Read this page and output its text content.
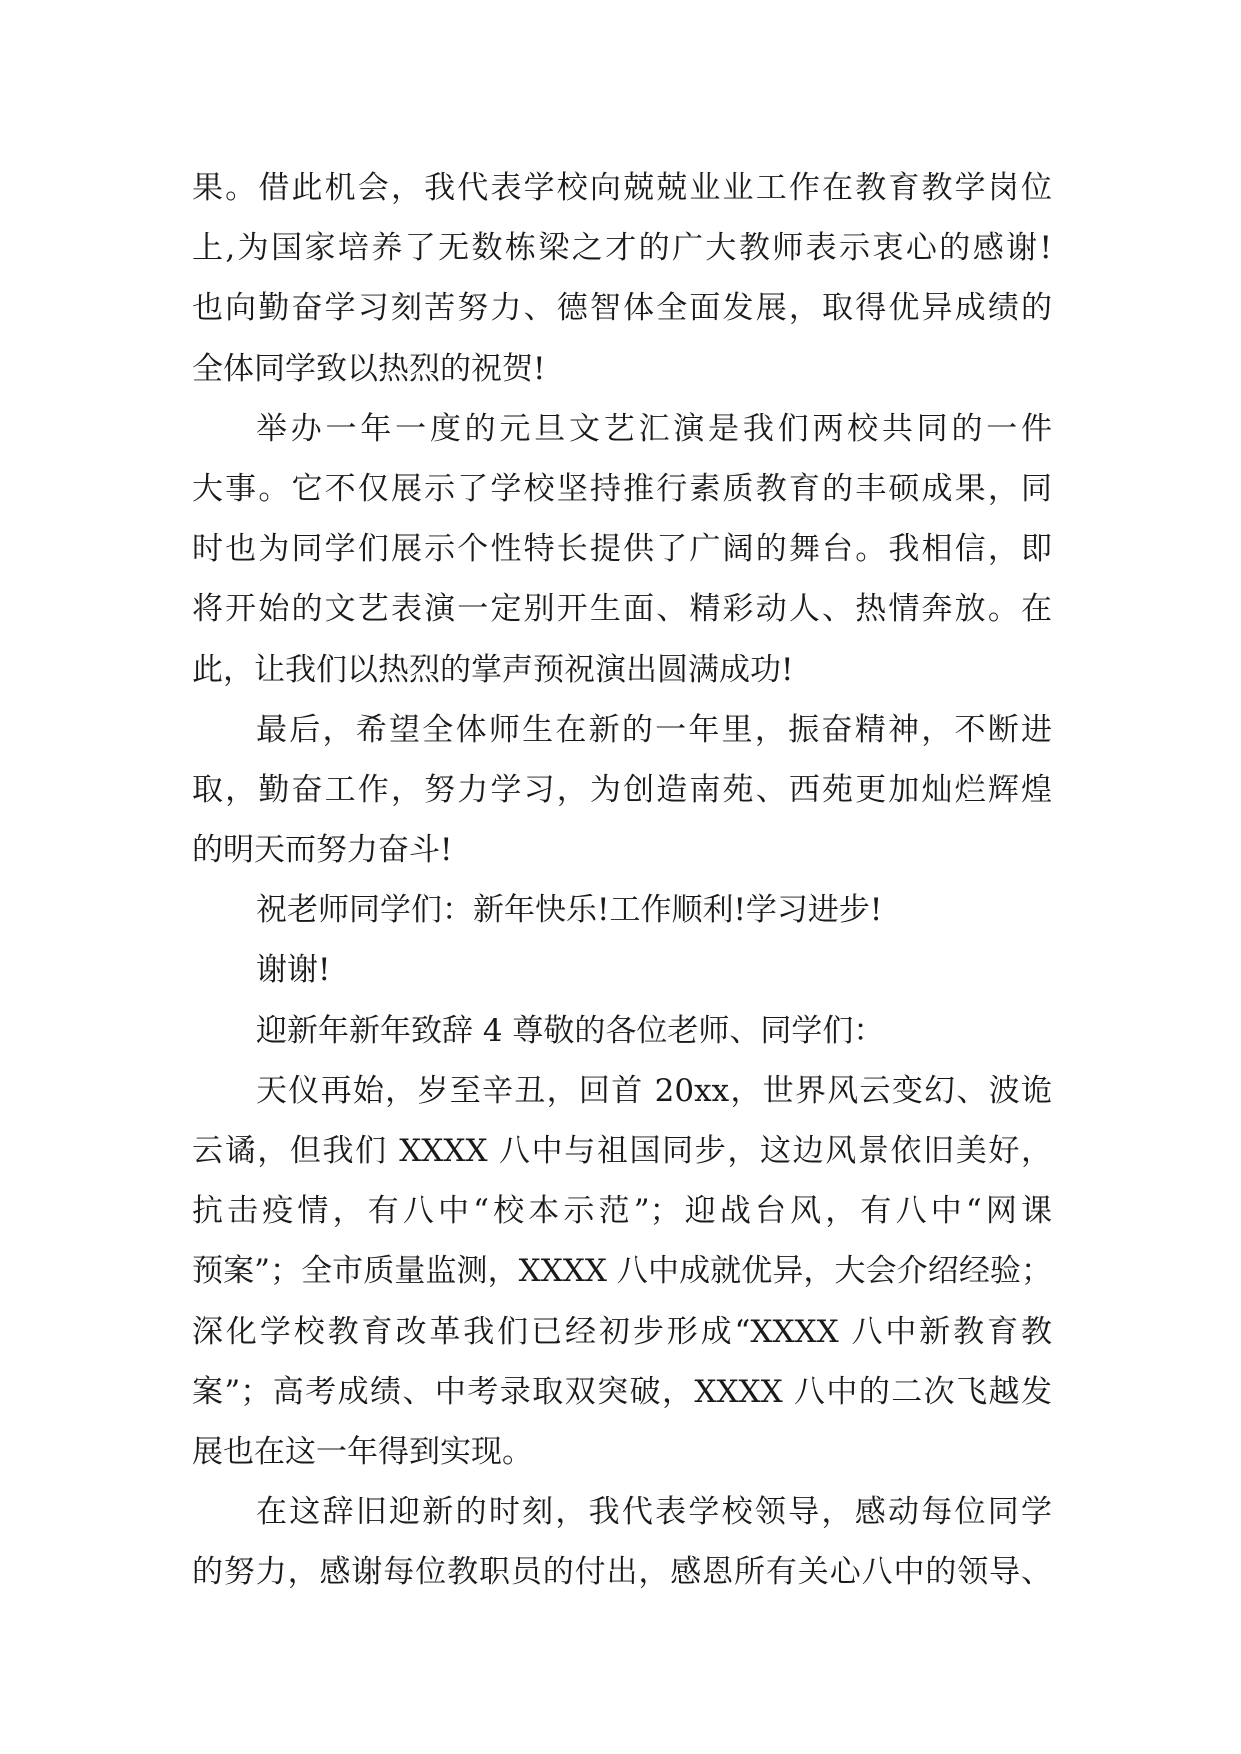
果。借此机会，我代表学校向兢兢业业工作在教育教学岗位
上,为国家培养了无数栋梁之才的广大教师表示衷心的感谢!
也向勤奋学习刻苦努力、德智体全面发展，取得优异成绩的
全体同学致以热烈的祝贺!
举办一年一度的元旦文艺汇演是我们两校共同的一件
大事。它不仅展示了学校坚持推行素质教育的丰硕成果，同
时也为同学们展示个性特长提供了广阔的舞台。我相信，即
将开始的文艺表演一定别开生面、精彩动人、热情奔放。在
此，让我们以热烈的掌声预祝演出圆满成功!
最后，希望全体师生在新的一年里，振奋精神，不断进
取，勤奋工作，努力学习，为创造南苑、西苑更加灿烂辉煌
的明天而努力奋斗!
祝老师同学们：新年快乐!工作顺利!学习进步!
谢谢!
迎新年新年致辞 4 尊敬的各位老师、同学们：
天仪再始，岁至辛丑，回首 20xx，世界风云变幻、波诡
云谲，但我们 XXXX 八中与祖国同步，这边风景依旧美好，
抗击疫情，有八中“校本示范”；迎战台风，有八中“网课
预案”；全市质量监测，XXXX 八中成就优异，大会介绍经验；
深化学校教育改革我们已经初步形成“XXXX 八中新教育教
案”；高考成绩、中考录取双突破，XXXX 八中的二次飞越发
展也在这一年得到实现。
在这辞旧迎新的时刻，我代表学校领导，感动每位同学
的努力，感谢每位教职员的付出，感恩所有关心八中的领导、
